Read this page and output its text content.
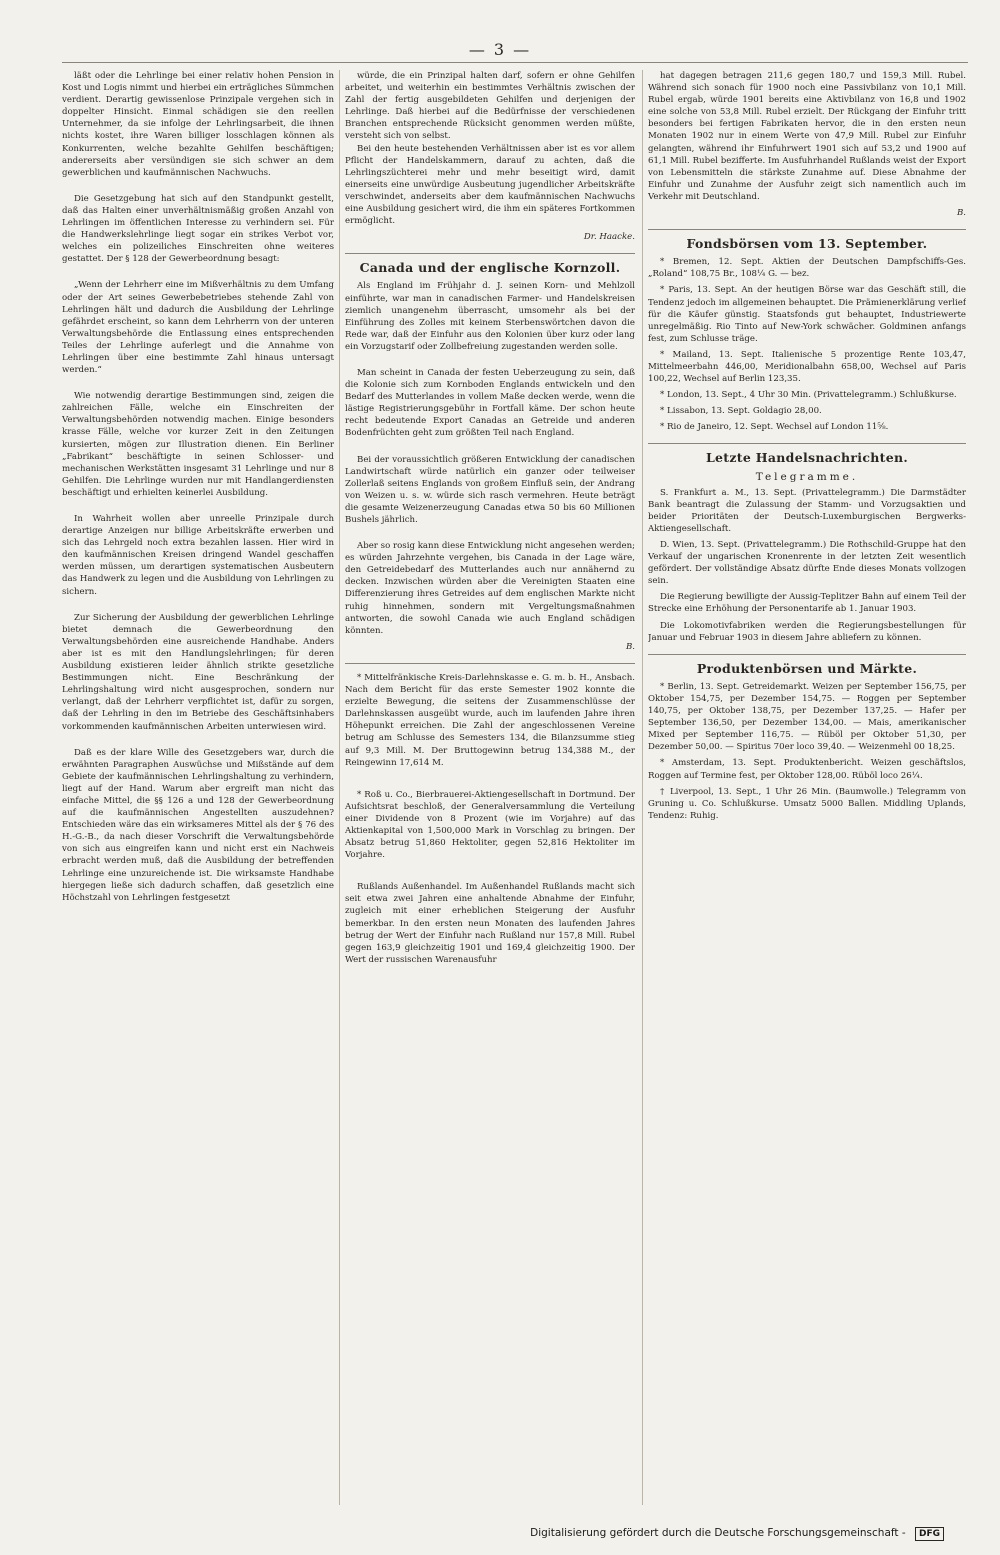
— 3 —

läßt oder die Lehrlinge bei einer relativ hohen Pension in Kost und Logis nimmt und hierbei ein erträgliches Sümmchen verdient. Derartig gewissenlose Prinzipale vergehen sich in doppelter Hinsicht. Einmal schädigen sie den reellen Unternehmer, da sie infolge der Lehrlingsarbeit, die ihnen nichts kostet, ihre Waren billiger losschlagen können als Konkurrenten, welche bezahlte Gehilfen beschäftigen; andererseits aber versündigen sie sich schwer an dem gewerblichen und kaufmännischen Nachwuchs.

Die Gesetzgebung hat sich auf den Standpunkt gestellt, daß das Halten einer unverhältnismäßig großen Anzahl von Lehrlingen im öffentlichen Interesse zu verhindern sei. Für die Handwerkslehrlinge liegt sogar ein strikes Verbot vor, welches ein polizeiliches Einschreiten ohne weiteres gestattet. Der § 128 der Gewerbeordnung besagt:

„Wenn der Lehrherr eine im Mißverhältnis zu dem Umfang oder der Art seines Gewerbebetriebes stehende Zahl von Lehrlingen hält und dadurch die Ausbildung der Lehrlinge gefährdet erscheint, so kann dem Lehrherrn von der unteren Verwaltungsbehörde die Entlassung eines entsprechenden Teiles der Lehrlinge auferlegt und die Annahme von Lehrlingen über eine bestimmte Zahl hinaus untersagt werden.“

Wie notwendig derartige Bestimmungen sind, zeigen die zahlreichen Fälle, welche ein Einschreiten der Verwaltungsbehörden notwendig machen. Einige besonders krasse Fälle, welche vor kurzer Zeit in den Zeitungen kursierten, mögen zur Illustration dienen. Ein Berliner „Fabrikant“ beschäftigte in seinen Schlosser- und mechanischen Werkstätten insgesamt 31 Lehrlinge und nur 8 Gehilfen. Die Lehrlinge wurden nur mit Handlangerdiensten beschäftigt und erhielten keinerlei Ausbildung.

In Wahrheit wollen aber unreelle Prinzipale durch derartige Anzeigen nur billige Arbeitskräfte erwerben und sich das Lehrgeld noch extra bezahlen lassen. Hier wird in den kaufmännischen Kreisen dringend Wandel geschaffen werden müssen, um derartigen systematischen Ausbeutern das Handwerk zu legen und die Ausbildung von Lehrlingen zu sichern.

Zur Sicherung der Ausbildung der gewerblichen Lehrlinge bietet demnach die Gewerbeordnung den Verwaltungsbehörden eine ausreichende Handhabe. Anders aber ist es mit den Handlungslehrlingen; für deren Ausbildung existieren leider ähnlich strikte gesetzliche Bestimmungen nicht. Eine Beschränkung der Lehrlingshaltung wird nicht ausgesprochen, sondern nur verlangt, daß der Lehrherr verpflichtet ist, dafür zu sorgen, daß der Lehrling in den im Betriebe des Geschäftsinhabers vorkommenden kaufmännischen Arbeiten unterwiesen wird.

Daß es der klare Wille des Gesetzgebers war, durch die erwähnten Paragraphen Auswüchse und Mißstände auf dem Gebiete der kaufmännischen Lehrlingshaltung zu verhindern, liegt auf der Hand. Warum aber ergreift man nicht das einfache Mittel, die §§ 126 a und 128 der Gewerbeordnung auf die kaufmännischen Angestellten auszudehnen? Entschieden wäre das ein wirksameres Mittel als der § 76 des H.-G.-B., da nach dieser Vorschrift die Verwaltungsbehörde von sich aus eingreifen kann und nicht erst ein Nachweis erbracht werden muß, daß die Ausbildung der betreffenden Lehrlinge eine unzureichende ist. Die wirksamste Handhabe hiergegen ließe sich dadurch schaffen, daß gesetzlich eine Höchstzahl von Lehrlingen festgesetzt

würde, die ein Prinzipal halten darf, sofern er ohne Gehilfen arbeitet, und weiterhin ein bestimmtes Verhältnis zwischen der Zahl der fertig ausgebildeten Gehilfen und derjenigen der Lehrlinge. Daß hierbei auf die Bedürfnisse der verschiedenen Branchen entsprechende Rücksicht genommen werden müßte, versteht sich von selbst.

Bei den heute bestehenden Verhältnissen aber ist es vor allem Pflicht der Handelskammern, darauf zu achten, daß die Lehrlingszüchterei mehr und mehr beseitigt wird, damit einerseits eine unwürdige Ausbeutung jugendlicher Arbeitskräfte verschwindet, anderseits aber dem kaufmännischen Nachwuchs eine Ausbildung gesichert wird, die ihm ein späteres Fortkommen ermöglicht.

Dr. Haacke.
Canada und der englische Kornzoll.

Als England im Frühjahr d. J. seinen Korn- und Mehlzoll einführte, war man in canadischen Farmer- und Handelskreisen ziemlich unangenehm überrascht, umsomehr als bei der Einführung des Zolles mit keinem Sterbenswörtchen davon die Rede war, daß der Einfuhr aus den Kolonien über kurz oder lang ein Vorzugstarif oder Zollbefreiung zugestanden werden solle.

Man scheint in Canada der festen Ueberzeugung zu sein, daß die Kolonie sich zum Kornboden Englands entwickeln und den Bedarf des Mutterlandes in vollem Maße decken werde, wenn die lästige Registrierungsgebühr in Fortfall käme. Der schon heute recht bedeutende Export Canadas an Getreide und anderen Bodenfrüchten geht zum größten Teil nach England.

Bei der voraussichtlich größeren Entwicklung der canadischen Landwirtschaft würde natürlich ein ganzer oder teilweiser Zollerlaß seitens Englands von großem Einfluß sein, der Andrang von Weizen u. s. w. würde sich rasch vermehren. Heute beträgt die gesamte Weizenerzeugung Canadas etwa 50 bis 60 Millionen Bushels jährlich.

Aber so rosig kann diese Entwicklung nicht angesehen werden; es würden Jahrzehnte vergehen, bis Canada in der Lage wäre, den Getreidebedarf des Mutterlandes auch nur annähernd zu decken. Inzwischen würden aber die Vereinigten Staaten eine Differenzierung ihres Getreides auf dem englischen Markte nicht ruhig hinnehmen, sondern mit Vergeltungsmaßnahmen antworten, die sowohl Canada wie auch England schädigen könnten.

B.

* Mittelfränkische Kreis-Darlehnskasse e. G. m. b. H., Ansbach. Nach dem Bericht für das erste Semester 1902 konnte die erzielte Bewegung, die seitens der Zusammenschlüsse der Darlehnskassen ausgeübt wurde, auch im laufenden Jahre ihren Höhepunkt erreichen. Die Zahl der angeschlossenen Vereine betrug am Schlusse des Semesters 134, die Bilanzsumme stieg auf 9,3 Mill. M. Der Bruttogewinn betrug 134,388 M., der Reingewinn 17,614 M.

* Roß u. Co., Bierbrauerei-Aktiengesellschaft in Dortmund. Der Aufsichtsrat beschloß, der Generalversammlung die Verteilung einer Dividende von 8 Prozent (wie im Vorjahre) auf das Aktienkapital von 1,500,000 Mark in Vorschlag zu bringen. Der Absatz betrug 51,860 Hektoliter, gegen 52,816 Hektoliter im Vorjahre.

Rußlands Außenhandel. Im Außenhandel Rußlands macht sich seit etwa zwei Jahren eine anhaltende Abnahme der Einfuhr, zugleich mit einer erheblichen Steigerung der Ausfuhr bemerkbar. In den ersten neun Monaten des laufenden Jahres betrug der Wert der Einfuhr nach Rußland nur 157,8 Mill. Rubel gegen 163,9 gleichzeitig 1901 und 169,4 gleichzeitig 1900. Der Wert der russischen Warenausfuhr

hat dagegen betragen 211,6 gegen 180,7 und 159,3 Mill. Rubel. Während sich sonach für 1900 noch eine Passivbilanz von 10,1 Mill. Rubel ergab, würde 1901 bereits eine Aktivbilanz von 16,8 und 1902 eine solche von 53,8 Mill. Rubel erzielt. Der Rückgang der Einfuhr tritt besonders bei fertigen Fabrikaten hervor, die in den ersten neun Monaten 1902 nur in einem Werte von 47,9 Mill. Rubel zur Einfuhr gelangten, während ihr Einfuhrwert 1901 sich auf 53,2 und 1900 auf 61,1 Mill. Rubel bezifferte. Im Ausfuhrhandel Rußlands weist der Export von Lebensmitteln die stärkste Zunahme auf. Diese Abnahme der Einfuhr und Zunahme der Ausfuhr zeigt sich namentlich auch im Verkehr mit Deutschland.

B.
Fondsbörsen vom 13. September.

* Bremen, 12. Sept. Aktien der Deutschen Dampfschiffs-Ges. „Roland“ 108,75 Br., 108¼ G. — bez.

* Paris, 13. Sept. An der heutigen Börse war das Geschäft still, die Tendenz jedoch im allgemeinen behauptet. Die Prämienerklärung verlief für die Käufer günstig. Staatsfonds gut behauptet, Industriewerte unregelmäßig. Rio Tinto auf New-York schwächer. Goldminen anfangs fest, zum Schlusse träge.

* Mailand, 13. Sept. Italienische 5 prozentige Rente 103,47, Mittelmeerbahn 446,00, Meridionalbahn 658,00, Wechsel auf Paris 100,22, Wechsel auf Berlin 123,35.

* London, 13. Sept., 4 Uhr 30 Min. (Privattelegramm.) Schlußkurse.

* Lissabon, 13. Sept. Goldagio 28,00.

* Rio de Janeiro, 12. Sept. Wechsel auf London 11⅝.

Letzte Handelsnachrichten.
Telegramme.

S. Frankfurt a. M., 13. Sept. (Privattelegramm.) Die Darmstädter Bank beantragt die Zulassung der Stamm- und Vorzugsaktien und beider Prioritäten der Deutsch-Luxemburgischen Bergwerks-Aktiengesellschaft.

D. Wien, 13. Sept. (Privattelegramm.) Die Rothschild-Gruppe hat den Verkauf der ungarischen Kronenrente in der letzten Zeit wesentlich gefördert. Der vollständige Absatz dürfte Ende dieses Monats vollzogen sein.

Die Regierung bewilligte der Aussig-Teplitzer Bahn auf einem Teil der Strecke eine Erhöhung der Personentarife ab 1. Januar 1903.

Die Lokomotivfabriken werden die Regierungsbestellungen für Januar und Februar 1903 in diesem Jahre abliefern zu können.

Produktenbörsen und Märkte.

* Berlin, 13. Sept. Getreidemarkt. Weizen per September 156,75, per Oktober 154,75, per Dezember 154,75. — Roggen per September 140,75, per Oktober 138,75, per Dezember 137,25. — Hafer per September 136,50, per Dezember 134,00. — Mais, amerikanischer Mixed per September 116,75. — Rüböl per Oktober 51,30, per Dezember 50,00. — Spiritus 70er loco 39,40. — Weizenmehl 00 18,25.

* Amsterdam, 13. Sept. Produktenbericht. Weizen geschäftslos, Roggen auf Termine fest, per Oktober 128,00. Rüböl loco 26¼.

† Liverpool, 13. Sept., 1 Uhr 26 Min. (Baumwolle.) Telegramm von Gruning u. Co. Schlußkurse. Umsatz 5000 Ballen. Middling Uplands, Tendenz: Ruhig.

Digitalisierung gefördert durch die Deutsche Forschungsgemeinschaft - DFG
